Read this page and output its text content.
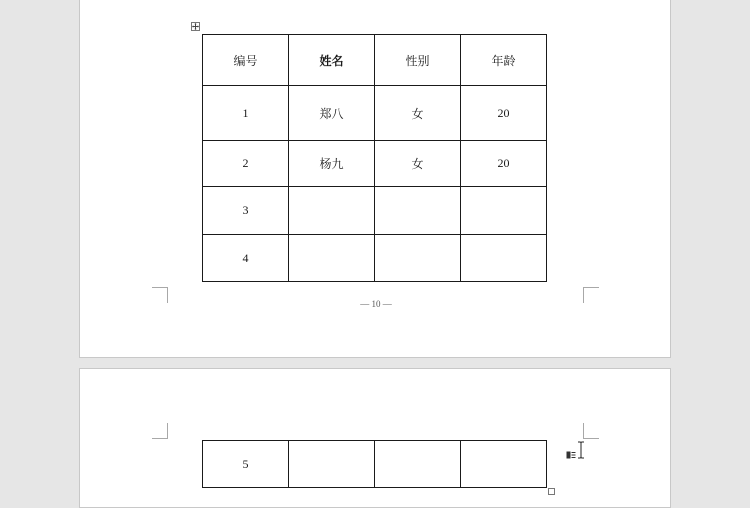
编号	姓名	性别	年龄
1	郑八	女	20
2	杨九	女	20
3			
4			
— 10 —
5			
